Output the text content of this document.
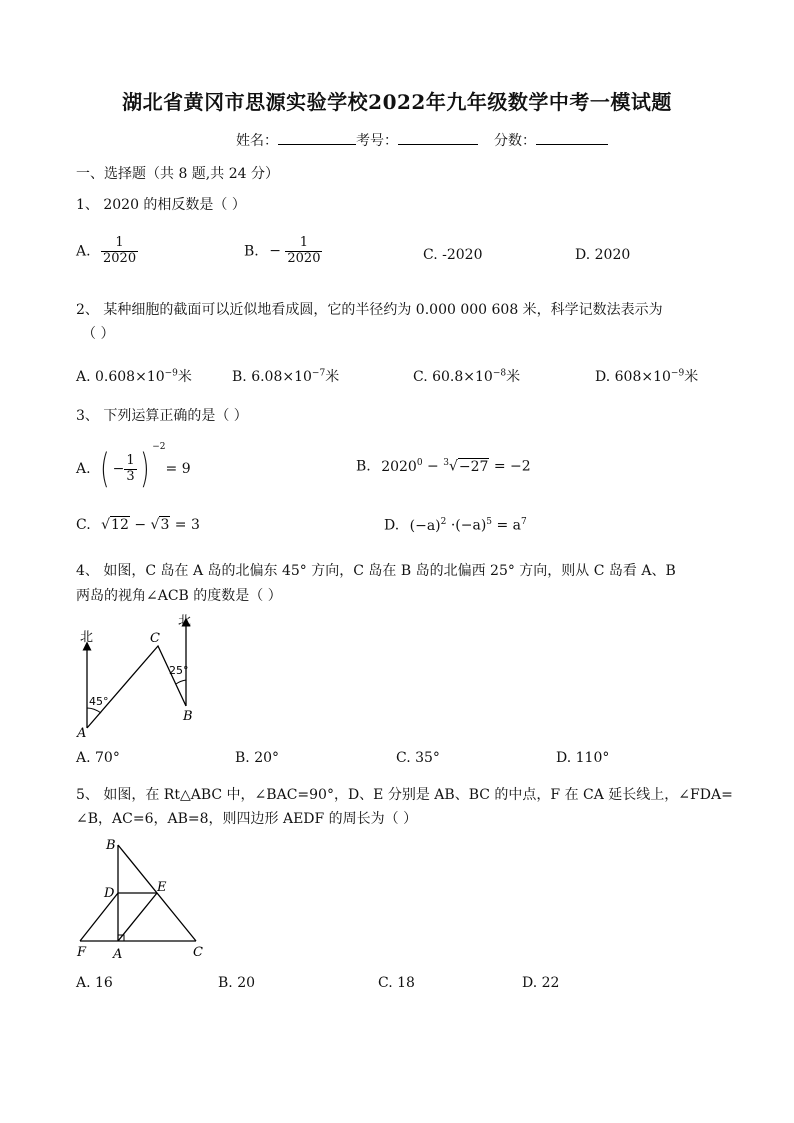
湖北省黄冈市思源实验学校2022年九年级数学中考一模试题
姓名：	考号：	分数：
一、选择题（共 8 题,共 24 分）
1、 2020 的相反数是（ ）
A. $\frac{1}{2020}$	B. − $\frac{1}{2020}$	C. -2020	D. 2020
2、 某种细胞的截面可以近似地看成圆，它的半径约为 0.000 000 608 米，科学记数法表示为
（ ）
A. $0.608\times 10^{-9}$米	B. $6.08\times 10^{-7}$米	C. $60.8\times 10^{-8}$米	D. $608\times 10^{-9}$米
3、 下列运算正确的是（ ）
A. ( − $\frac{1}{3}$ ) $^{-2}$= 9	B. $2020^0 - ^3√-27 = -2$
C. √12 − √3 = 3	D. $(-a)^2 \cdot(-a)^5 = a^7$
4、 如图，C 岛在 A 岛的北偏东 45° 方向，C 岛在 B 岛的北偏西 25° 方向，则从 C 岛看 A、B
两岛的视角∠ACB 的度数是（ ）
北
北
C
A
B
45°
25°
A. 70°	B. 20°	C. 35°	D. 110°
5、 如图，在 Rt△ABC 中，∠BAC=90°，D、E 分别是 AB、BC 的中点，F 在 CA 延长线上，∠FDA=
∠B，AC=6，AB=8，则四边形 AEDF 的周长为（ ）
B
D	E
F A	C
A. 16	B. 20	C. 18	D. 22
